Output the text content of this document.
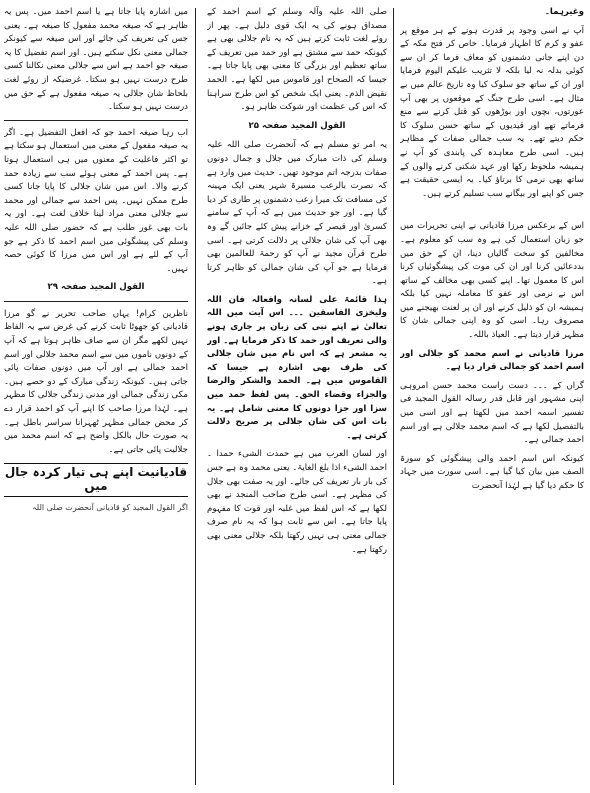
وغیرہما۔

آپ نے اسی وجود پر قدرت ہونے کے ہر موقع پر عفو و کرم کا اظہار فرمایا۔ خاص کر فتح مکہ کے دن اپنے جانی دشمنوں کو معاف فرما کر ان سے کوئی بدلہ نہ لیا بلکہ لا تثریب علیکم الیوم فرمایا اور ان کے ساتھ جو سلوک کیا وہ تاریخ عالم میں بے مثال ہے۔ اسی طرح جنگ کے موقعوں پر بھی آپ عورتوں، بچوں اور بوڑھوں کو قتل کرنے سے منع فرماتے تھے اور قیدیوں کے ساتھ حسن سلوک کا حکم دیتے تھے۔ یہ سب جمالی صفات کے مظاہر ہیں۔ اسی طرح معاہدہ کی پابندی کو آپ نے ہمیشہ ملحوظ رکھا اور عہد شکنی کرنے والوں کے ساتھ بھی نرمی کا برتاؤ کیا۔ یہ ایسی حقیقت ہے جس کو اپنے اور بیگانے سب تسلیم کرتے ہیں۔

اس کے برعکس مرزا قادیانی نے اپنی تحریرات میں جو زبان استعمال کی ہے وہ سب کو معلوم ہے۔ مخالفین کو سخت گالیاں دینا، ان کے حق میں بددعائیں کرنا اور ان کی موت کی پیشگوئیاں کرنا اس کا معمول تھا۔ اپنے کسی بھی مخالف کے ساتھ اس نے نرمی اور عفو کا معاملہ نہیں کیا بلکہ ہمیشہ ان کو ذلیل کرنے اور ان پر لعنت بھیجنے میں مصروف رہا۔ اسی کو وہ اپنی جمالی شان کا مظہر قرار دیتا ہے۔ العیاذ باللہ۔

مرزا قادیانی نے اسم محمد کو جلالی اور اسم احمد کو جمالی قرار دیا ہے۔

گراں کے ۔۔۔ دست راست محمد حسن امروہی اپنی مشہور اور قابل قدر رسالہ القول المجید فی تفسیر اسمہ احمد میں لکھتا ہے اور اسی میں بالتفصیل لکھا ہے کہ اسم محمد جلالی ہے اور اسم احمد جمالی ہے۔

کیونکہ اس اسم احمد والی پیشگوئی کو سورۃ الصف میں بیان کیا گیا ہے۔ اسی سورت میں جہاد کا حکم دیا گیا ہے لہٰذا آنحضرت

صلی اللہ علیہ وآلہ وسلم کے اسم احمد کے مصداق ہونے کی یہ ایک قوی دلیل ہے۔ پھر از روئے لغت ثابت کرتے ہیں کہ یہ نام جلالی بھی ہے کیونکہ حمد سے مشتق ہے اور حمد میں تعریف کے ساتھ تعظیم اور بزرگی کا معنی بھی پایا جاتا ہے۔ جیسا کہ الصحاح اور قاموس میں لکھا ہے۔ الحمد نقیض الذم۔ یعنی ایک شخص کو اس طرح سراہنا کہ اس کی عظمت اور شوکت ظاہر ہو۔

القول المجید صفحہ ۲۵

یہ امر تو مسلم ہے کہ آنحضرت صلی اللہ علیہ وسلم کی ذات مبارک میں جلال و جمال دونوں صفات بدرجہ اتم موجود تھیں۔ حدیث میں وارد ہے کہ نصرت بالرعب مسیرۃ شہر یعنی ایک مہینہ کی مسافت تک میرا رعب دشمنوں پر طاری کر دیا گیا ہے۔ اور جو حدیث میں ہے کہ آپ کے سامنے کسریٰ اور قیصر کے خزانے پیش کئے جائیں گے وہ بھی آپ کی شان جلالی پر دلالت کرتی ہے۔ اسی طرح قرآن مجید نے آپ کو رحمۃ للعالمین بھی فرمایا ہے جو آپ کی شان جمالی کو ظاہر کرتا ہے۔

ہذا قائمۃ علی لسانہ وافعالہ فان اللہ ولیخزی الفاسقین ۔۔۔ اس آیت میں اللہ تعالیٰ نے اپنے نبی کی زبان پر جاری ہونے والی تعریف اور حمد کا ذکر فرمایا ہے۔ اور یہ مشعر ہے کہ اس نام میں شان جلالی کی طرف بھی اشارہ ہے جیسا کہ القاموس میں ہے۔ الحمد والشکر والرضا والجزاء وقضاء الحق۔ پس لفظ حمد میں سزا اور جزا دونوں کا معنی شامل ہے۔ یہ بات اس کی شان جلالی پر صریح دلالت کرتی ہے۔

اور لسان العرب میں ہے حمدت الشیء حمدا ۔ احمد الشیء اذا بلغ الغایۃ۔ یعنی محمد وہ ہے جس کی بار بار تعریف کی جائے۔ اور یہ صفت بھی جلال کی مظہر ہے۔ اسی طرح صاحب المنجد نے بھی لکھا ہے کہ اس لفظ میں غلبہ اور قوت کا مفہوم پایا جاتا ہے۔ اس سے ثابت ہوا کہ یہ نام صرف جمالی معنی ہی نہیں رکھتا بلکہ جلالی معنی بھی رکھتا ہے۔

میں اشارہ پایا جاتا ہے یا اسم احمد میں۔ پس یہ ظاہر ہے کہ صیغہ محمد مفعول کا صیغہ ہے۔ یعنی جس کی تعریف کی جائے اور اس صیغہ سے کیونکر جمالی معنی نکل سکتے ہیں۔ اور اسم تفضیل کا یہ صیغہ جو احمد ہے اس سے جلالی معنی نکالنا کسی طرح درست نہیں ہو سکتا۔ غرضیکہ از روئے لغت بلحاظ شان جلالی یہ صیغہ مفعول ہے کے حق میں درست نہیں ہو سکتا۔

اب رہا صیغہ احمد جو کہ افعل التفضیل ہے۔ اگر یہ صیغہ مفعول کے معنی میں استعمال ہو سکتا ہے تو اکثر فاعلیت کے معنوں میں ہی استعمال ہوتا ہے۔ پس احمد کے معنی ہوئے سب سے زیادہ حمد کرنے والا۔ اس میں شان جلالی کا پایا جانا کسی طرح ممکن نہیں۔ پس احمد سے جمالی اور محمد سے جلالی معنی مراد لینا خلاف لغت ہے۔ اور یہ بات بھی غور طلب ہے کہ حضور صلی اللہ علیہ وسلم کی پیشگوئی میں اسم احمد کا ذکر ہے جو آپ کے لئے ہے اور اس میں مرزا کا کوئی حصہ نہیں۔

القول المجید صفحہ ۲۹

ناظرین کرام! یہاں صاحب تحریر نے گو مرزا قادیانی کو جھوٹا ثابت کرنے کی غرض سے یہ الفاظ نہیں لکھے مگر ان سے صاف ظاہر ہوتا ہے کہ آپ کے دونوں ناموں میں سے اسم محمد جلالی اور اسم احمد جمالی ہے اور آپ میں دونوں صفات پائی جاتی ہیں۔ کیونکہ زندگی مبارک کے دو حصے ہیں۔ مکی زندگی جمالی اور مدنی زندگی جلالی کا مظہر ہے۔ لہٰذا مرزا صاحب کا اپنے آپ کو احمد قرار دے کر محض جمالی مظہر ٹھہرانا سراسر باطل ہے۔ یہ صورت حال بالکل واضح ہے کہ اسم محمد میں جلالیت پائی جاتی ہے۔

قادیانیت اپنے ہی تیار کردہ جال میں

اگر القول المجید کو قادیانی آنحضرت صلی اللہ
